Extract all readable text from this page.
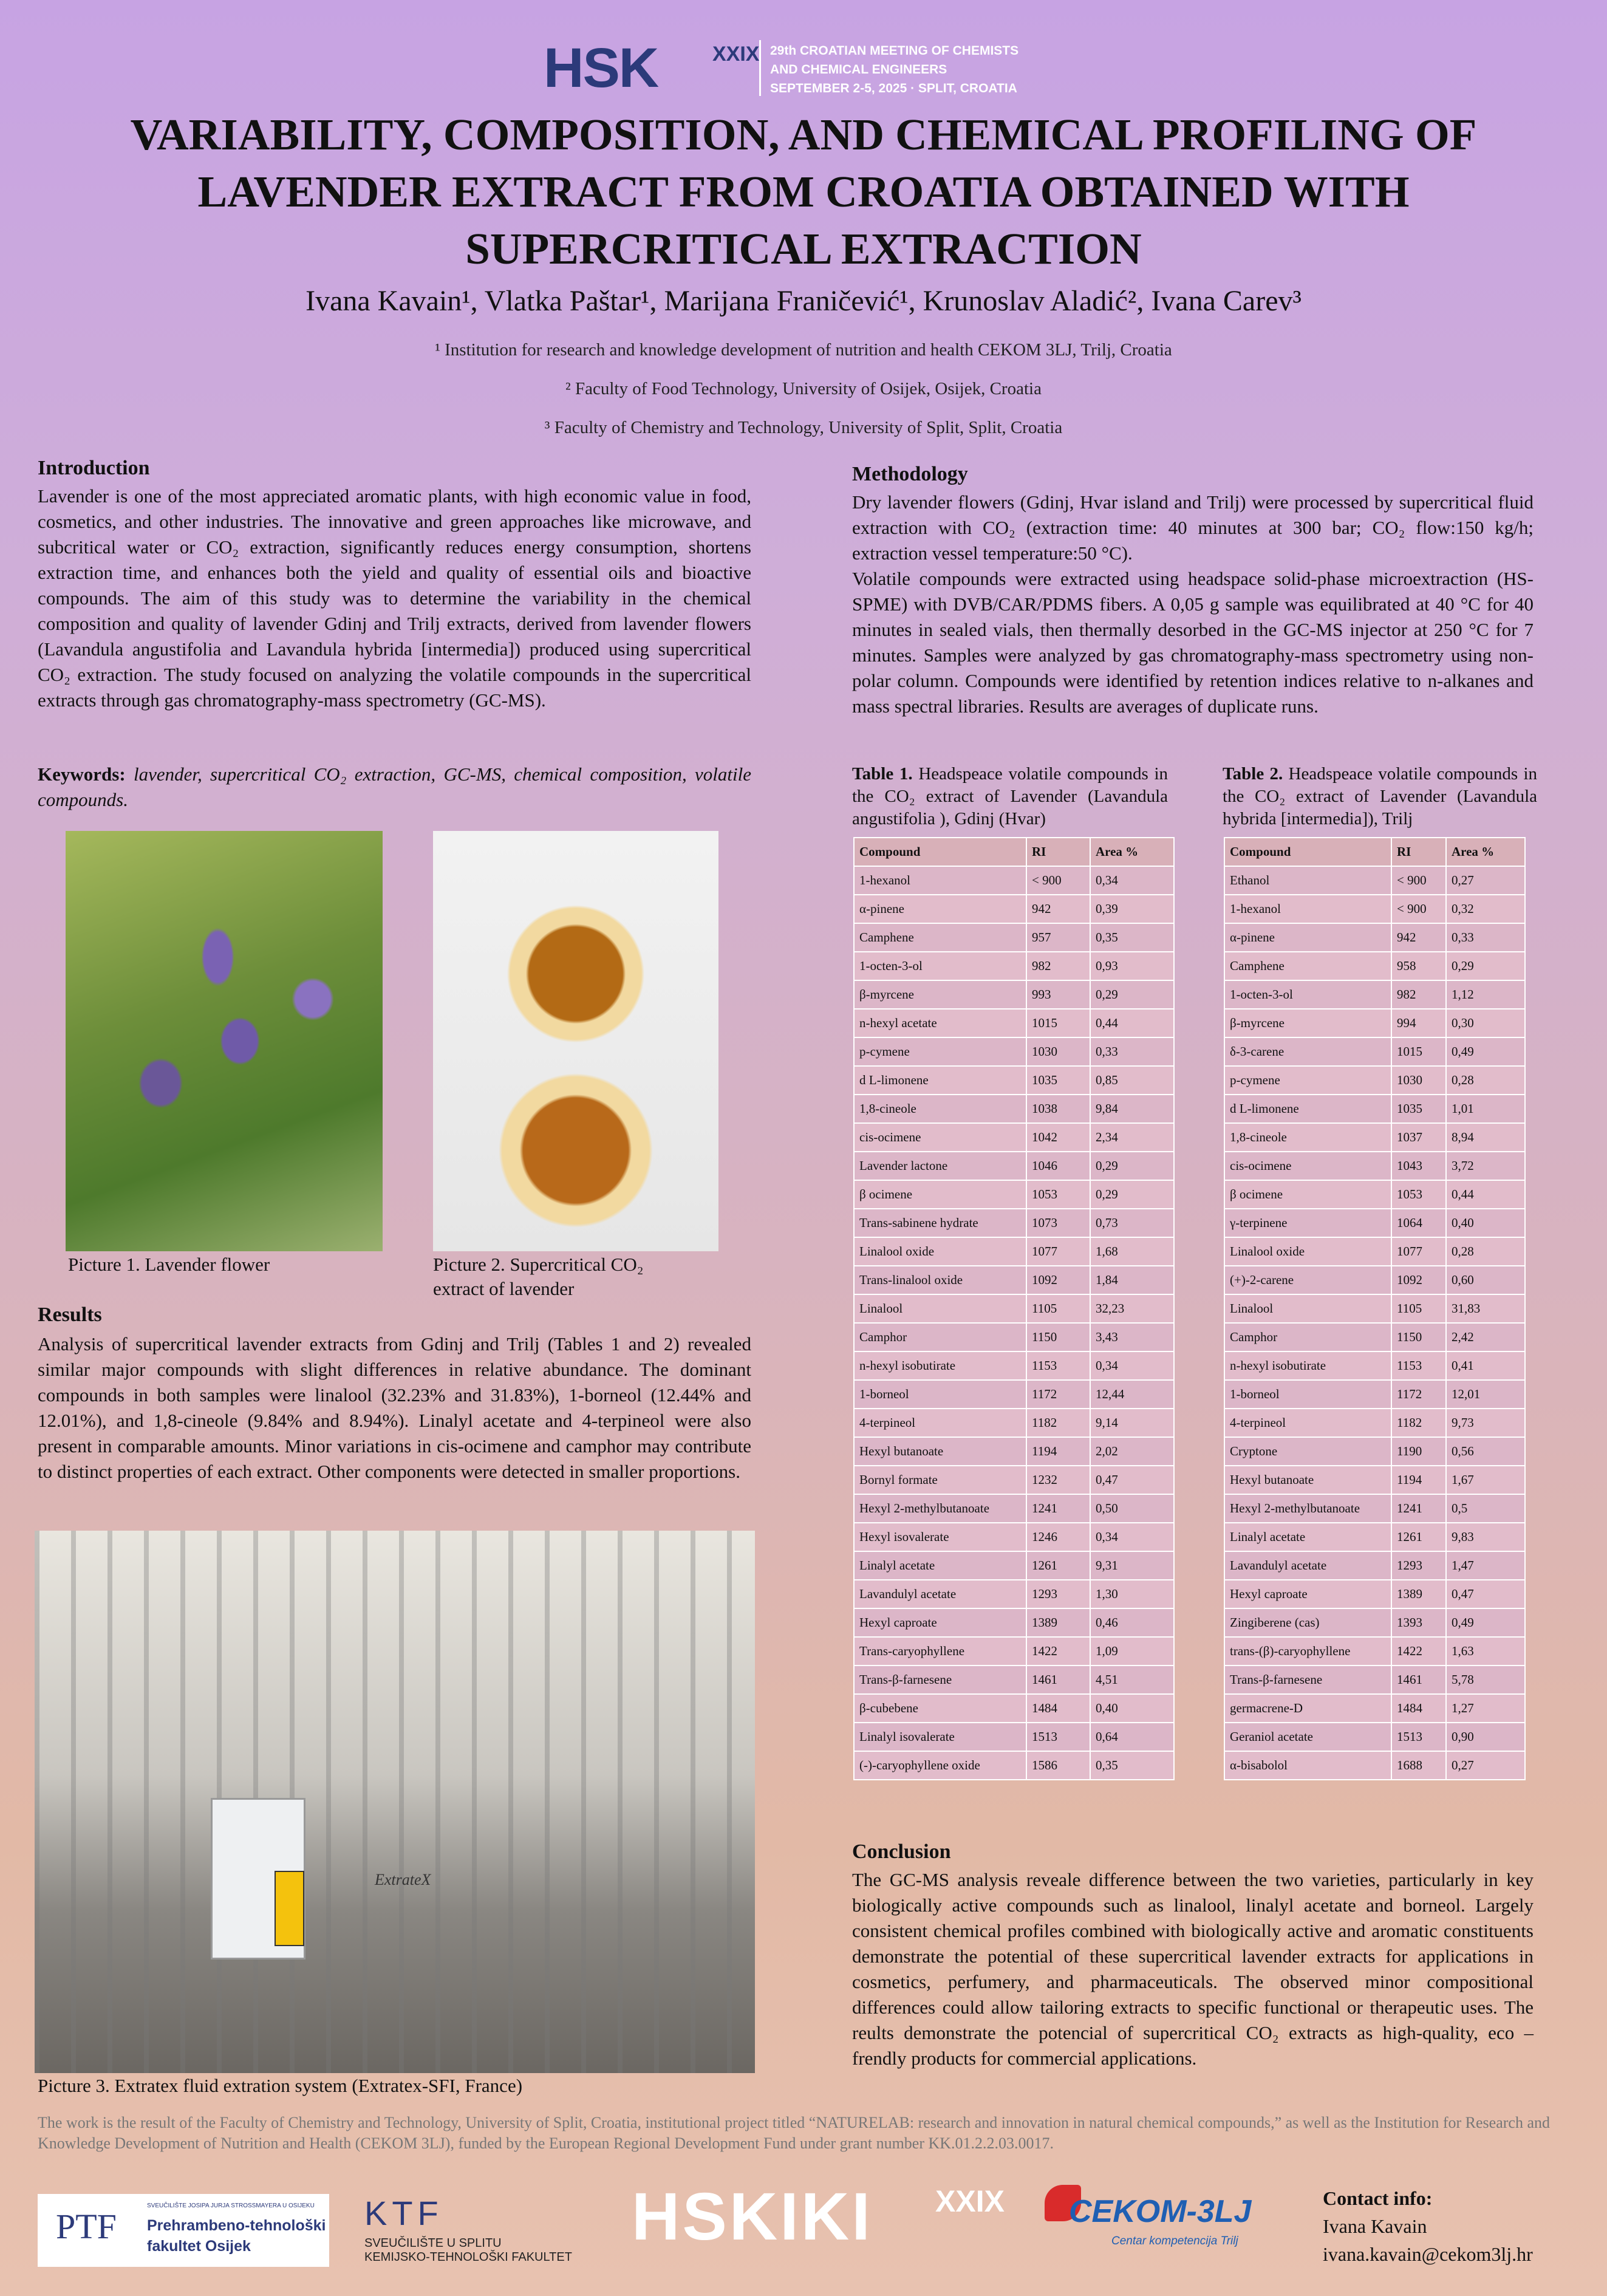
HSK	XXIX 29th CROATIAN MEETING OF CHEMISTS
AND CHEMICAL ENGINEERS
SEPTEMBER 2-5, 2025 · SPLIT, CROATIA
VARIABILITY, COMPOSITION, AND CHEMICAL PROFILING OF LAVENDER EXTRACT FROM CROATIA OBTAINED WITH SUPERCRITICAL EXTRACTION
Ivana Kavain¹, Vlatka Paštar¹, Marijana Franičević¹, Krunoslav Aladić², Ivana Carev³
¹ Institution for research and knowledge development of nutrition and health CEKOM 3LJ, Trilj, Croatia
² Faculty of Food Technology, University of Osijek, Osijek, Croatia
³ Faculty of Chemistry and Technology, University of Split, Split, Croatia
Introduction
Lavender is one of the most appreciated aromatic plants, with high economic value in food, cosmetics, and other industries. The innovative and green approaches like microwave, and subcritical water or CO₂ extraction, significantly reduces energy consumption, shortens extraction time, and enhances both the yield and quality of essential oils and bioactive compounds. The aim of this study was to determine the variability in the chemical composition and quality of lavender Gdinj and Trilj extracts, derived from lavender flowers (Lavandula angustifolia and Lavandula hybrida [intermedia]) produced using supercritical CO₂ extraction. The study focused on analyzing the volatile compounds in the supercritical extracts through gas chromatography-mass spectrometry (GC-MS).
Keywords: lavender, supercritical CO₂ extraction, GC-MS, chemical composition, volatile compounds.
Picture 1. Lavender flower	Picture 2. Supercritical CO₂
extract of lavender
Results
Analysis of supercritical lavender extracts from Gdinj and Trilj (Tables 1 and 2) revealed similar major compounds with slight differences in relative abundance. The dominant compounds in both samples were linalool (32.23% and 31.83%), 1-borneol (12.44% and 12.01%), and 1,8-cineole (9.84% and 8.94%). Linalyl acetate and 4-terpineol were also present in comparable amounts. Minor variations in cis-ocimene and camphor may contribute to distinct properties of each extract. Other components were detected in smaller proportions.
ExtrateX
Picture 3. Extratex fluid extration system (Extratex-SFI, France)
Methodology
Dry lavender flowers (Gdinj, Hvar island and Trilj) were processed by supercritical fluid extraction with CO₂ (extraction time: 40 minutes at 300 bar; CO₂ flow:150 kg/h; extraction vessel temperature:50 °C).
Volatile compounds were extracted using headspace solid-phase microextraction (HS-SPME) with DVB/CAR/PDMS fibers. A 0,05 g sample was equilibrated at 40 °C for 40 minutes in sealed vials, then thermally desorbed in the GC-MS injector at 250 °C for 7 minutes. Samples were analyzed by gas chromatography-mass spectrometry using non-polar column. Compounds were identified by retention indices relative to n-alkanes and mass spectral libraries. Results are averages of duplicate runs.
Table 1. Headspeace volatile compounds in the CO₂ extract of Lavender (Lavandula angustifolia ), Gdinj (Hvar)
Compound	RI	Area %
1-hexanol	< 900	0,34
α-pinene	942	0,39
Camphene	957	0,35
1-octen-3-ol	982	0,93
β-myrcene	993	0,29
n-hexyl acetate	1015	0,44
p-cymene	1030	0,33
d L-limonene	1035	0,85
1,8-cineole	1038	9,84
cis-ocimene	1042	2,34
Lavender lactone	1046	0,29
β ocimene	1053	0,29
Trans-sabinene hydrate	1073	0,73
Linalool oxide	1077	1,68
Trans-linalool oxide	1092	1,84
Linalool	1105	32,23
Camphor	1150	3,43
n-hexyl isobutirate	1153	0,34
1-borneol	1172	12,44
4-terpineol	1182	9,14
Hexyl butanoate	1194	2,02
Bornyl formate	1232	0,47
Hexyl 2-methylbutanoate	1241	0,50
Hexyl isovalerate	1246	0,34
Linalyl acetate	1261	9,31
Lavandulyl acetate	1293	1,30
Hexyl caproate	1389	0,46
Trans-caryophyllene	1422	1,09
Trans-β-farnesene	1461	4,51
β-cubebene	1484	0,40
Linalyl isovalerate	1513	0,64
(-)-caryophyllene oxide	1586	0,35
Table 2. Headspeace volatile compounds in the CO₂ extract of Lavender (Lavandula hybrida [intermedia]), Trilj
Compound	RI	Area %
Ethanol	< 900	0,27
1-hexanol	< 900	0,32
α-pinene	942	0,33
Camphene	958	0,29
1-octen-3-ol	982	1,12
β-myrcene	994	0,30
δ-3-carene	1015	0,49
p-cymene	1030	0,28
d L-limonene	1035	1,01
1,8-cineole	1037	8,94
cis-ocimene	1043	3,72
β ocimene	1053	0,44
γ-terpinene	1064	0,40
Linalool oxide	1077	0,28
(+)-2-carene	1092	0,60
Linalool	1105	31,83
Camphor	1150	2,42
n-hexyl isobutirate	1153	0,41
1-borneol	1172	12,01
4-terpineol	1182	9,73
Cryptone	1190	0,56
Hexyl butanoate	1194	1,67
Hexyl 2-methylbutanoate	1241	0,5
Linalyl acetate	1261	9,83
Lavandulyl acetate	1293	1,47
Hexyl caproate	1389	0,47
Zingiberene (cas)	1393	0,49
trans-(β)-caryophyllene	1422	1,63
Trans-β-farnesene	1461	5,78
germacrene-D	1484	1,27
Geraniol acetate	1513	0,90
α-bisabolol	1688	0,27
Conclusion
The GC-MS analysis reveale difference between the two varieties, particularly in key biologically active compounds such as linalool, linalyl acetate and borneol. Largely consistent chemical profiles combined with biologically active and aromatic constituents demonstrate the potential of these supercritical lavender extracts for applications in cosmetics, perfumery, and pharmaceuticals. The observed minor compositional differences could allow tailoring extracts to specific functional or therapeutic uses. The reults demonstrate the potencial of supercritical CO₂ extracts as high-quality, eco – frendly products for commercial applications.
The work is the result of the Faculty of Chemistry and Technology, University of Split, Croatia, institutional project titled “NATURELAB: research and innovation in natural chemical compounds,” as well as the Institution for Research and Knowledge Development of Nutrition and Health (CEKOM 3LJ), funded by the European Regional Development Fund under grant number KK.01.2.2.03.0017.
PTF
SVEUČILIŠTE JOSIPA JURJA STROSSMAYERA U OSIJEKU
Prehrambeno-tehnološki
fakultet Osijek
KTF
SVEUČILIŠTE U SPLITU
KEMIJSKO-TEHNOLOŠKI FAKULTET
HSKIKI XXIX CEKOM-3LJ
Centar kompetencija Trilj
Contact info:
Ivana Kavain
ivana.kavain@cekom3lj.hr
